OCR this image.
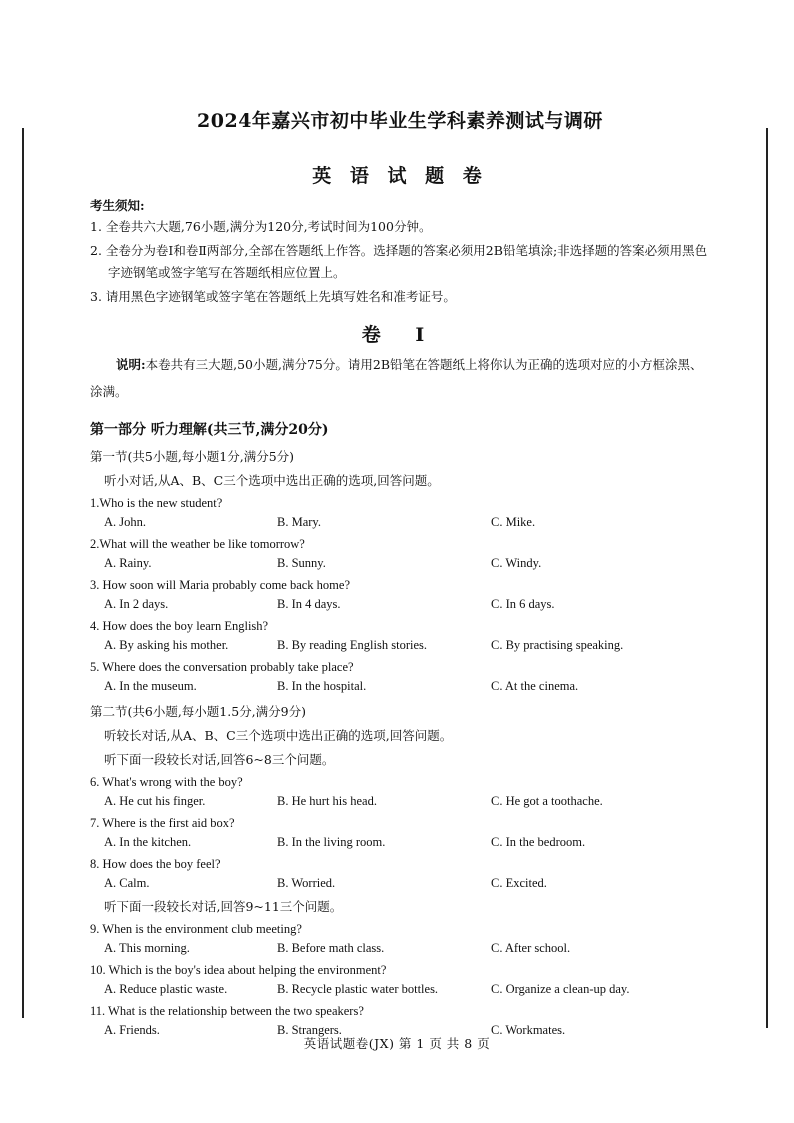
2024年嘉兴市初中毕业生学科素养测试与调研
英 语 试 题 卷
考生须知:
1. 全卷共六大题,76小题,满分为120分,考试时间为100分钟。
2. 全卷分为卷Ⅰ和卷Ⅱ两部分,全部在答题纸上作答。选择题的答案必须用2B铅笔填涂;非选择题的答案必须用黑色字迹钢笔或签字笔写在答题纸相应位置上。
3. 请用黑色字迹钢笔或签字笔在答题纸上先填写姓名和准考证号。
卷 Ⅰ
说明:本卷共有三大题,50小题,满分75分。请用2B铅笔在答题纸上将你认为正确的选项对应的小方框涂黑、涂满。
第一部分 听力理解(共三节,满分20分)
第一节(共5小题,每小题1分,满分5分)
听小对话,从A、B、C三个选项中选出正确的选项,回答问题。
1.Who is the new student?
A. John.	B. Mary.	C. Mike.
2.What will the weather be like tomorrow?
A. Rainy.	B. Sunny.	C. Windy.
3. How soon will Maria probably come back home?
A. In 2 days.	B. In 4 days.	C. In 6 days.
4. How does the boy learn English?
A. By asking his mother.	B. By reading English stories.	C. By practising speaking.
5. Where does the conversation probably take place?
A. In the museum.	B. In the hospital.	C. At the cinema.
第二节(共6小题,每小题1.5分,满分9分)
听较长对话,从A、B、C三个选项中选出正确的选项,回答问题。
听下面一段较长对话,回答6~8三个问题。
6. What's wrong with the boy?
A. He cut his finger.	B. He hurt his head.	C. He got a toothache.
7. Where is the first aid box?
A. In the kitchen.	B. In the living room.	C. In the bedroom.
8. How does the boy feel?
A. Calm.	B. Worried.	C. Excited.
听下面一段较长对话,回答9~11三个问题。
9. When is the environment club meeting?
A. This morning.	B. Before math class.	C. After school.
10. Which is the boy's idea about helping the environment?
A. Reduce plastic waste.	B. Recycle plastic water bottles.	C. Organize a clean-up day.
11. What is the relationship between the two speakers?
A. Friends.	B. Strangers.	C. Workmates.
英语试题卷(JX) 第 1 页 共 8 页
